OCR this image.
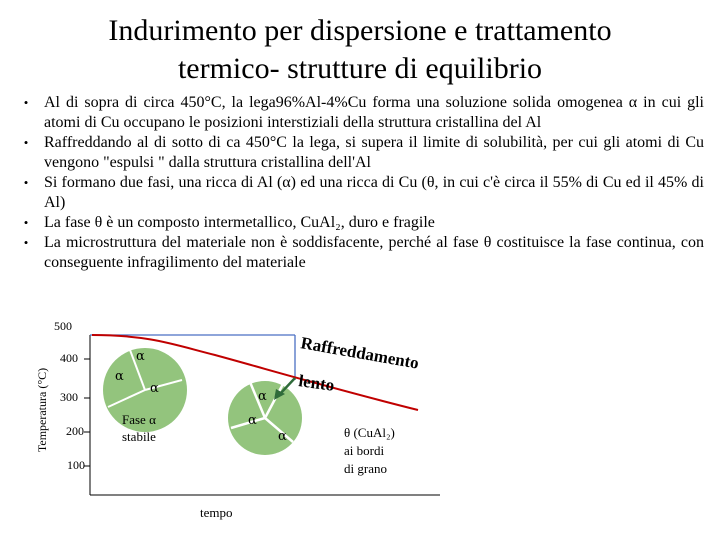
Indurimento per dispersione e trattamento
termico- strutture di equilibrio
• Al di sopra di circa 450°C, la lega96%Al-4%Cu forma una soluzione solida omogenea α in cui gli atomi di Cu occupano le posizioni interstiziali della struttura cristallina del Al
• Raffreddando al di sotto di ca 450°C la lega, si supera il limite di solubilità, per cui gli atomi di Cu vengono "espulsi " dalla struttura cristallina dell'Al
• Si formano due fasi, una ricca di Al (α) ed una ricca di Cu (θ, in cui c'è circa il 55% di Cu ed il 45% di Al)
• La fase θ è un composto intermetallico, CuAl₂, duro e fragile
• La microstruttura del materiale non è soddisfacente, perché al fase θ costituisce la fase continua, con conseguente infragilimento del materiale
Temperatura (°C)
500
400
300
200
100
α
α
α
Fase α
stabile
α
α
α
Raffreddamento
lento
θ (CuAl₂)
ai bordi
di grano
tempo
